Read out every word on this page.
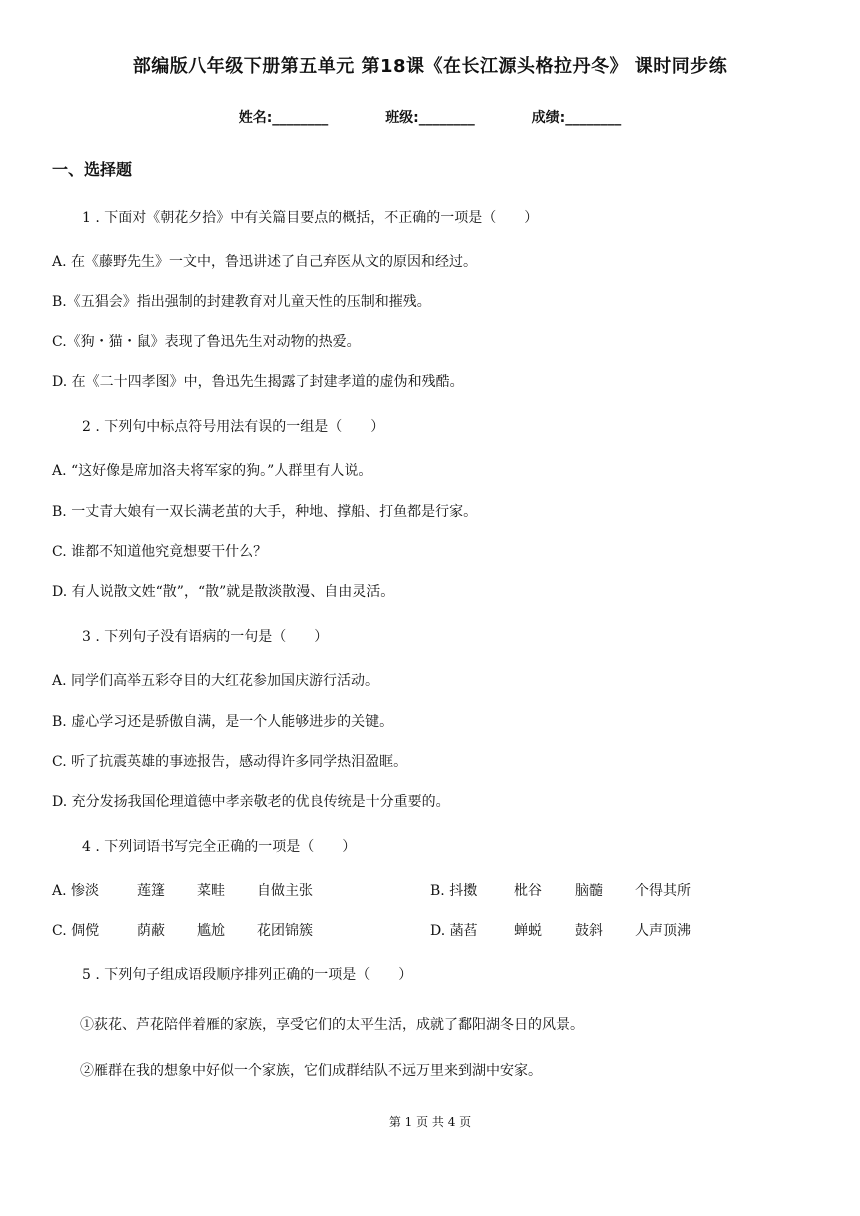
部编版八年级下册第五单元 第18课《在长江源头格拉丹冬》 课时同步练
姓名:________	班级:________	成绩:________
一、选择题
1 . 下面对《朝花夕拾》中有关篇目要点的概括，不正确的一项是（　　）
A. 在《藤野先生》一文中，鲁迅讲述了自己弃医从文的原因和经过。
B.《五猖会》指出强制的封建教育对儿童天性的压制和摧残。
C.《狗・猫・鼠》表现了鲁迅先生对动物的热爱。
D. 在《二十四孝图》中，鲁迅先生揭露了封建孝道的虚伪和残酷。
2 . 下列句中标点符号用法有误的一组是（　　）
A. “这好像是席加洛夫将军家的狗。”人群里有人说。
B. 一丈青大娘有一双长满老茧的大手，种地、撑船、打鱼都是行家。
C. 谁都不知道他究竟想要干什么？
D. 有人说散文姓“散”，“散”就是散淡散漫、自由灵活。
3 . 下列句子没有语病的一句是（　　）
A. 同学们高举五彩夺目的大红花参加国庆游行活动。
B. 虚心学习还是骄傲自满，是一个人能够进步的关键。
C. 听了抗震英雄的事迹报告，感动得许多同学热泪盈眶。
D. 充分发扬我国伦理道德中孝亲敬老的优良传统是十分重要的。
4 . 下列词语书写完全正确的一项是（　　）
A. 惨淡	莲篷 菜畦 自做主张	B. 抖擞	枇谷 脑髓 个得其所
C. 倜傥	荫蔽 尴尬 花团锦簇	D. 菡萏	蝉蜕 鼓斜 人声顶沸
5 . 下列句子组成语段顺序排列正确的一项是（　　）
①荻花、芦花陪伴着雁的家族，享受它们的太平生活，成就了鄱阳湖冬日的风景。
②雁群在我的想象中好似一个家族，它们成群结队不远万里来到湖中安家。
第 1 页 共 4 页
